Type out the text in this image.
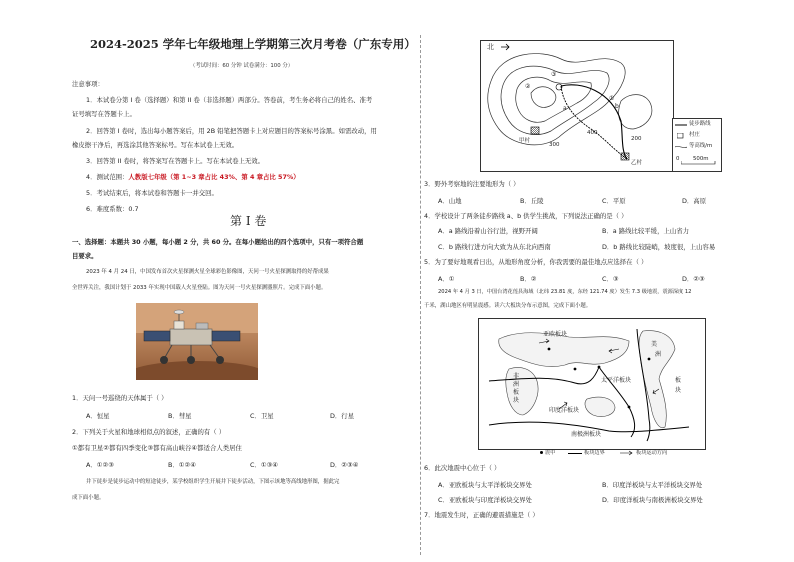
2024-2025 学年七年级地理上学期第三次月考卷（广东专用）
（考试时间：60 分钟 试卷满分：100 分）
注意事项：
1．本试卷分第 I 卷（选择题）和第 II 卷（非选择题）两部分。答卷前，考生务必将自己的姓名、准考
证号填写在答题卡上。
2．回答第 I 卷时，选出每小题答案后，用 2B 铅笔把答题卡上对应题目的答案标号涂黑。如需改动，用
橡皮擦干净后，再选涂其他答案标号。写在本试卷上无效。
3．回答第 II 卷时，将答案写在答题卡上。写在本试卷上无效。
4．测试范围：人教版七年级（第 1~3 章占比 43%、第 4 章占比 57%）
5．考试结束后，将本试卷和答题卡一并交回。
6．难度系数：0.7
第 I 卷
一、选择题：本题共 30 小题，每小题 2 分，共 60 分。在每小题给出的四个选项中，只有一项符合题
目要求。
2023 年 4 月 24 日，中国发布首次火星探测火星全球彩色影像图，天问一号火星探测取得的好帮成果
全世界关注，我国计划于 2033 年实现中国载人火星登陆。图为天问一号火星探测器照片。完成下面小题。
1．天问一号巡绕的天体属于（ ）
A．恒星	B．彗星	C．卫星	D．行星
2．下列关于火星和地球相似点的叙述，正确的有（ ）
①都有卫星②都有四季变化③都有高山峡谷④都适合人类居住
A．①②③	B．①②④	C．①③④	D．②③④
井下徒步是徒步运动中的短途徒步，某学校组织学生开展井下徒步活动，下图示该地等高线地形图，据此完
成下面小题。
北
②
③
①
a	b
400
300
200
甲村
乙村
徒步路线
村庄
等高线/m
0	500m
3．野外考察地的注要地形为（ ）
A．山地	B．丘陵	C．平原	D．高原
4．学校设计了两条徒步路线 a、b 供学生挑战，下列说法正确的是（ ）
A．a 路线沿着山谷行进，视野开阔	B．a 路线比较平缓，上山省力
C．b 路线行进方向大致为从东北向西南	D．b 路线比较陡峭，坡度很，上山容易
5．为了要好地观看日出，从地形角度分析，你我需要的最佳地点应选择在（ ）
A．①	B．②	C．③	D．②③
2024 年 4 月 3 日，中国台湾花莲县海域（北纬 23.81 度，东经 121.74 度）发生 7.3 级地震，震源深度 12
千米，湖山地区有明显震感。读六大板块分布示意图，完成下面小题。
亚欧板块
非
洲
板
块
太平洋板块
美
洲
板
块
印度洋板块
南极洲板块
震中	板块边界	板块运动方向
6．此次地震中心位于（ ）
A．亚欧板块与太平洋板块交界处	B．印度洋板块与太平洋板块交界处
C．亚欧板块与印度洋板块交界处	D．印度洋板块与南极洲板块交界处
7．地震发生时，正确的避震措施是（ ）
